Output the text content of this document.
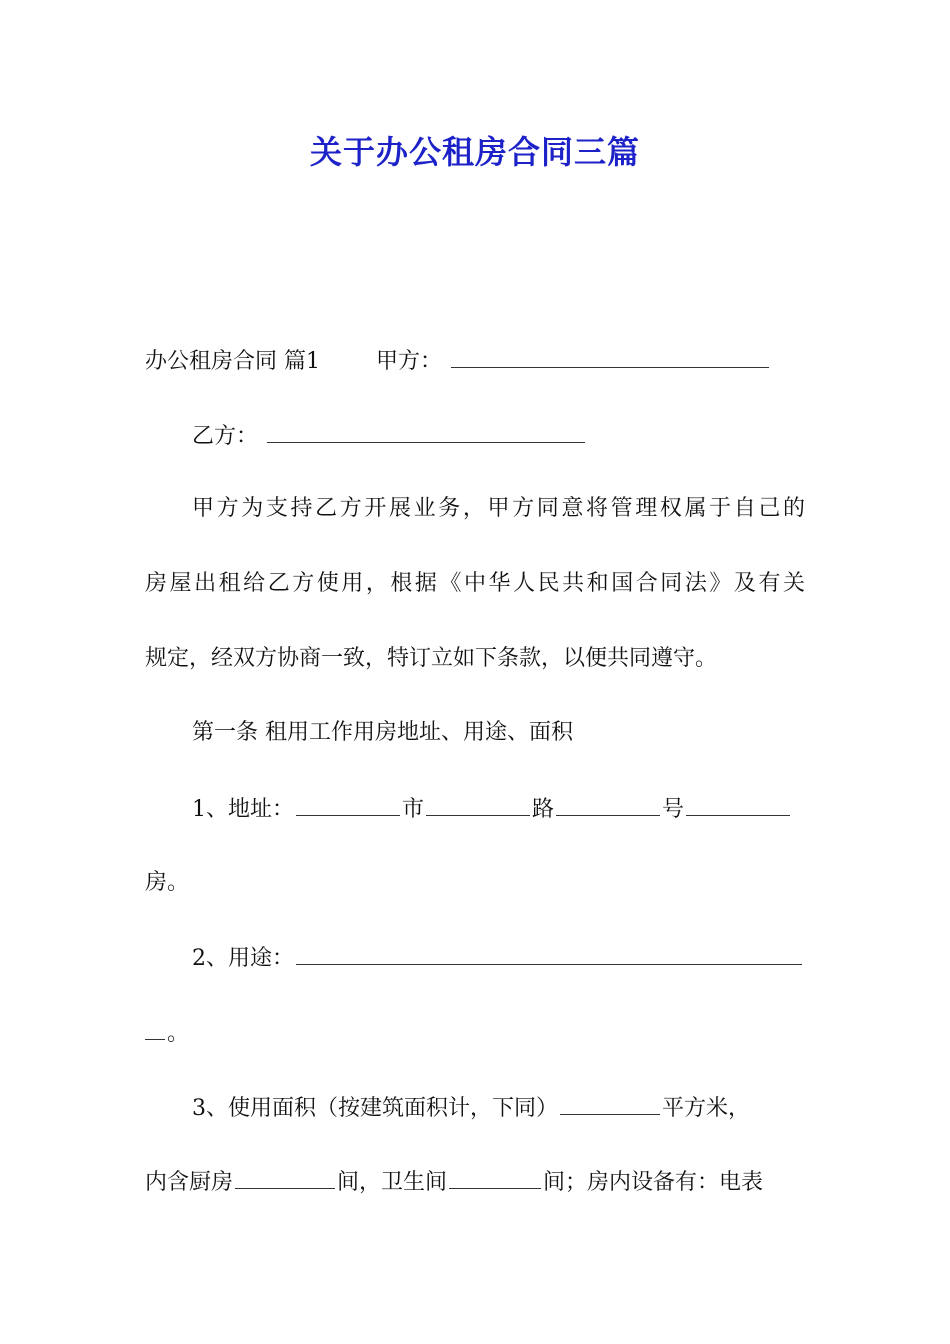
关于办公租房合同三篇
办公租房合同 篇1	甲方：
乙方：
甲方为支持乙方开展业务，甲方同意将管理权属于自己的
房屋出租给乙方使用，根据《中华人民共和国合同法》及有关
规定，经双方协商一致，特订立如下条款，以便共同遵守。
第一条 租用工作用房地址、用途、面积
1、地址：	市	路	号
房。
2、用途：
。
3、使用面积（按建筑面积计，下同）	平方米，
内含厨房	间，卫生间	间；房内设备有：电表
